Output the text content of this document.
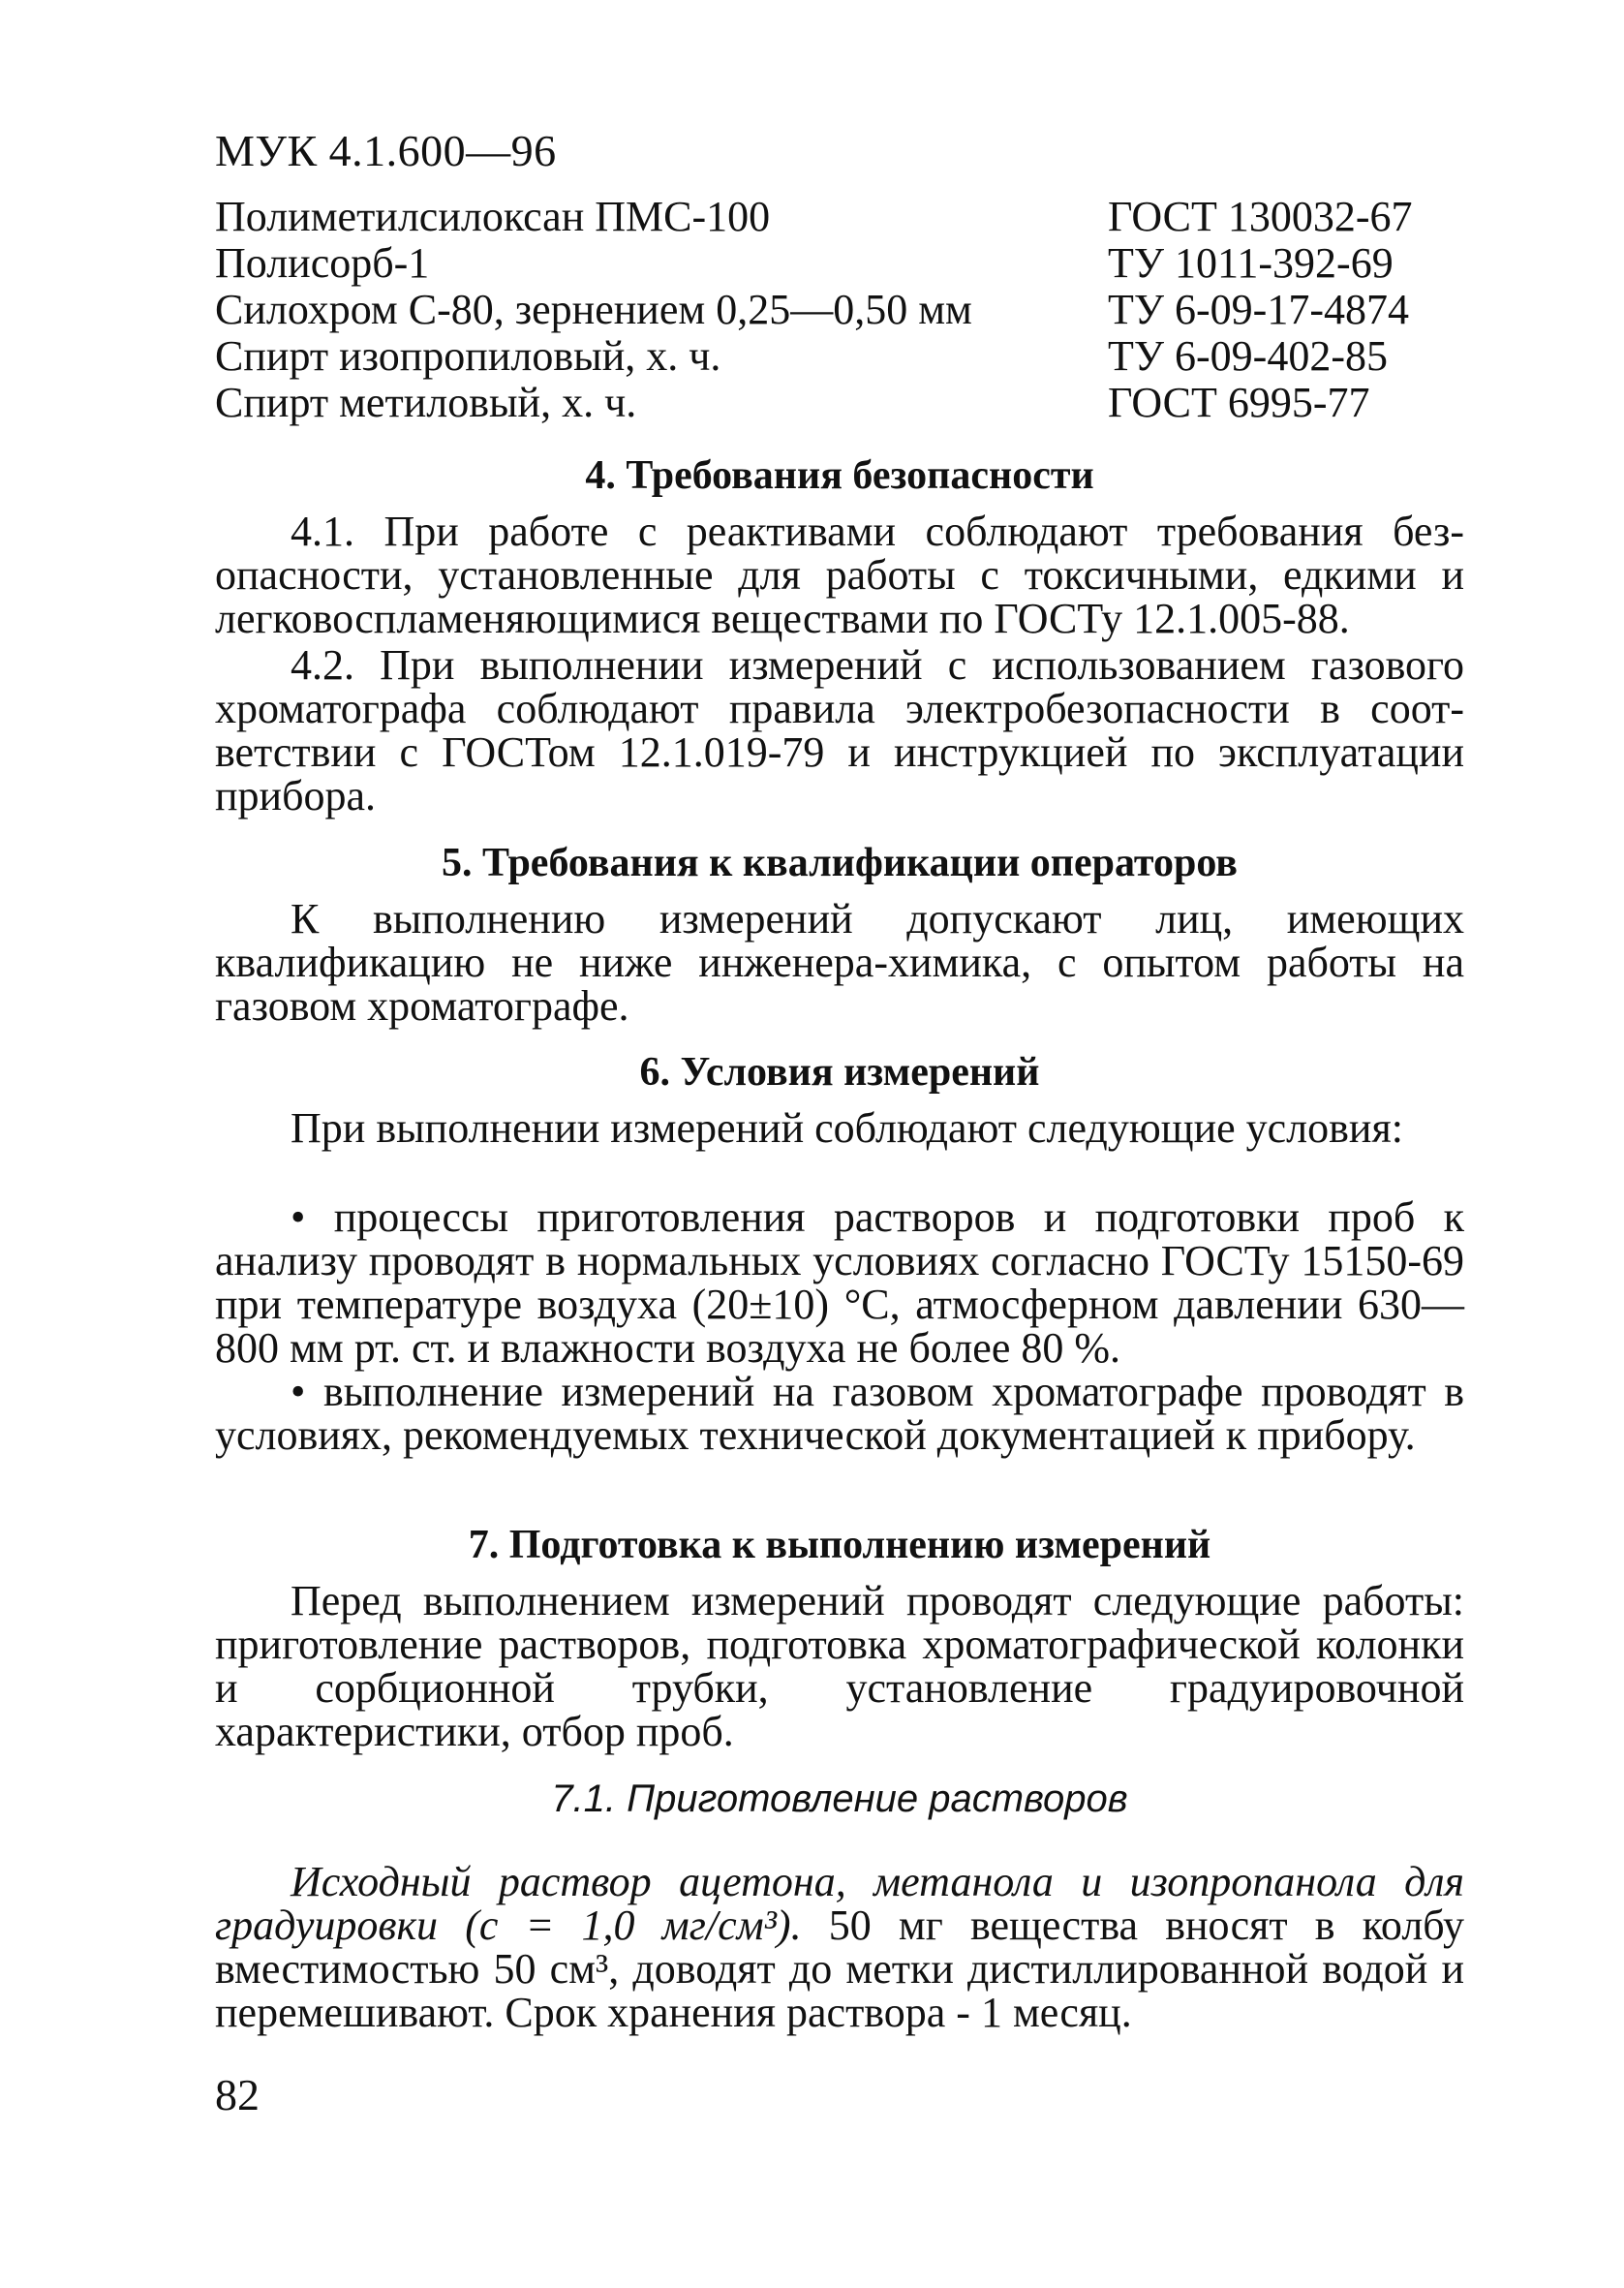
МУК 4.1.600—96
Полиметилсилоксан ПМС-100	ГОСТ 130032-67
Полисорб-1	ТУ 1011-392-69
Силохром С-80, зернением 0,25—0,50 мм	ТУ 6-09-17-4874
Спирт изопропиловый, х. ч.	ТУ 6-09-402-85
Спирт метиловый, х. ч.	ГОСТ 6995-77
4. Требования безопасности

4.1. При работе с реактивами соблюдают требования безопасности, установленные для работы с токсичными, едкими и легковоспламеняющимися веществами по ГОСТу 12.1.005-88.

4.2. При выполнении измерений с использованием газового хроматографа соблюдают правила электробезопасности в соответствии с ГОСТом 12.1.019-79 и инструкцией по эксплуатации прибора.

5. Требования к квалификации операторов

К выполнению измерений допускают лиц, имеющих квалификацию не ниже инженера-химика, с опытом работы на газовом хроматографе.

6. Условия измерений

При выполнении измерений соблюдают следующие условия:

• процессы приготовления растворов и подготовки проб к анализу проводят в нормальных условиях согласно ГОСТу 15150-69 при температуре воздуха (20±10) °С, атмосферном давлении 630—800 мм рт. ст. и влажности воздуха не более 80 %.

• выполнение измерений на газовом хроматографе проводят в условиях, рекомендуемых технической документацией к прибору.

7. Подготовка к выполнению измерений

Перед выполнением измерений проводят следующие работы: приготовление растворов, подготовка хроматографической колонки и сорбционной трубки, установление градуировочной характеристики, отбор проб.

7.1. Приготовление растворов

Исходный раствор ацетона, метанола и изопропанола для градуировки (с = 1,0 мг/см³). 50 мг вещества вносят в колбу вместимостью 50 см³, доводят до метки дистиллированной водой и перемешивают. Срок хранения раствора - 1 месяц.

82
